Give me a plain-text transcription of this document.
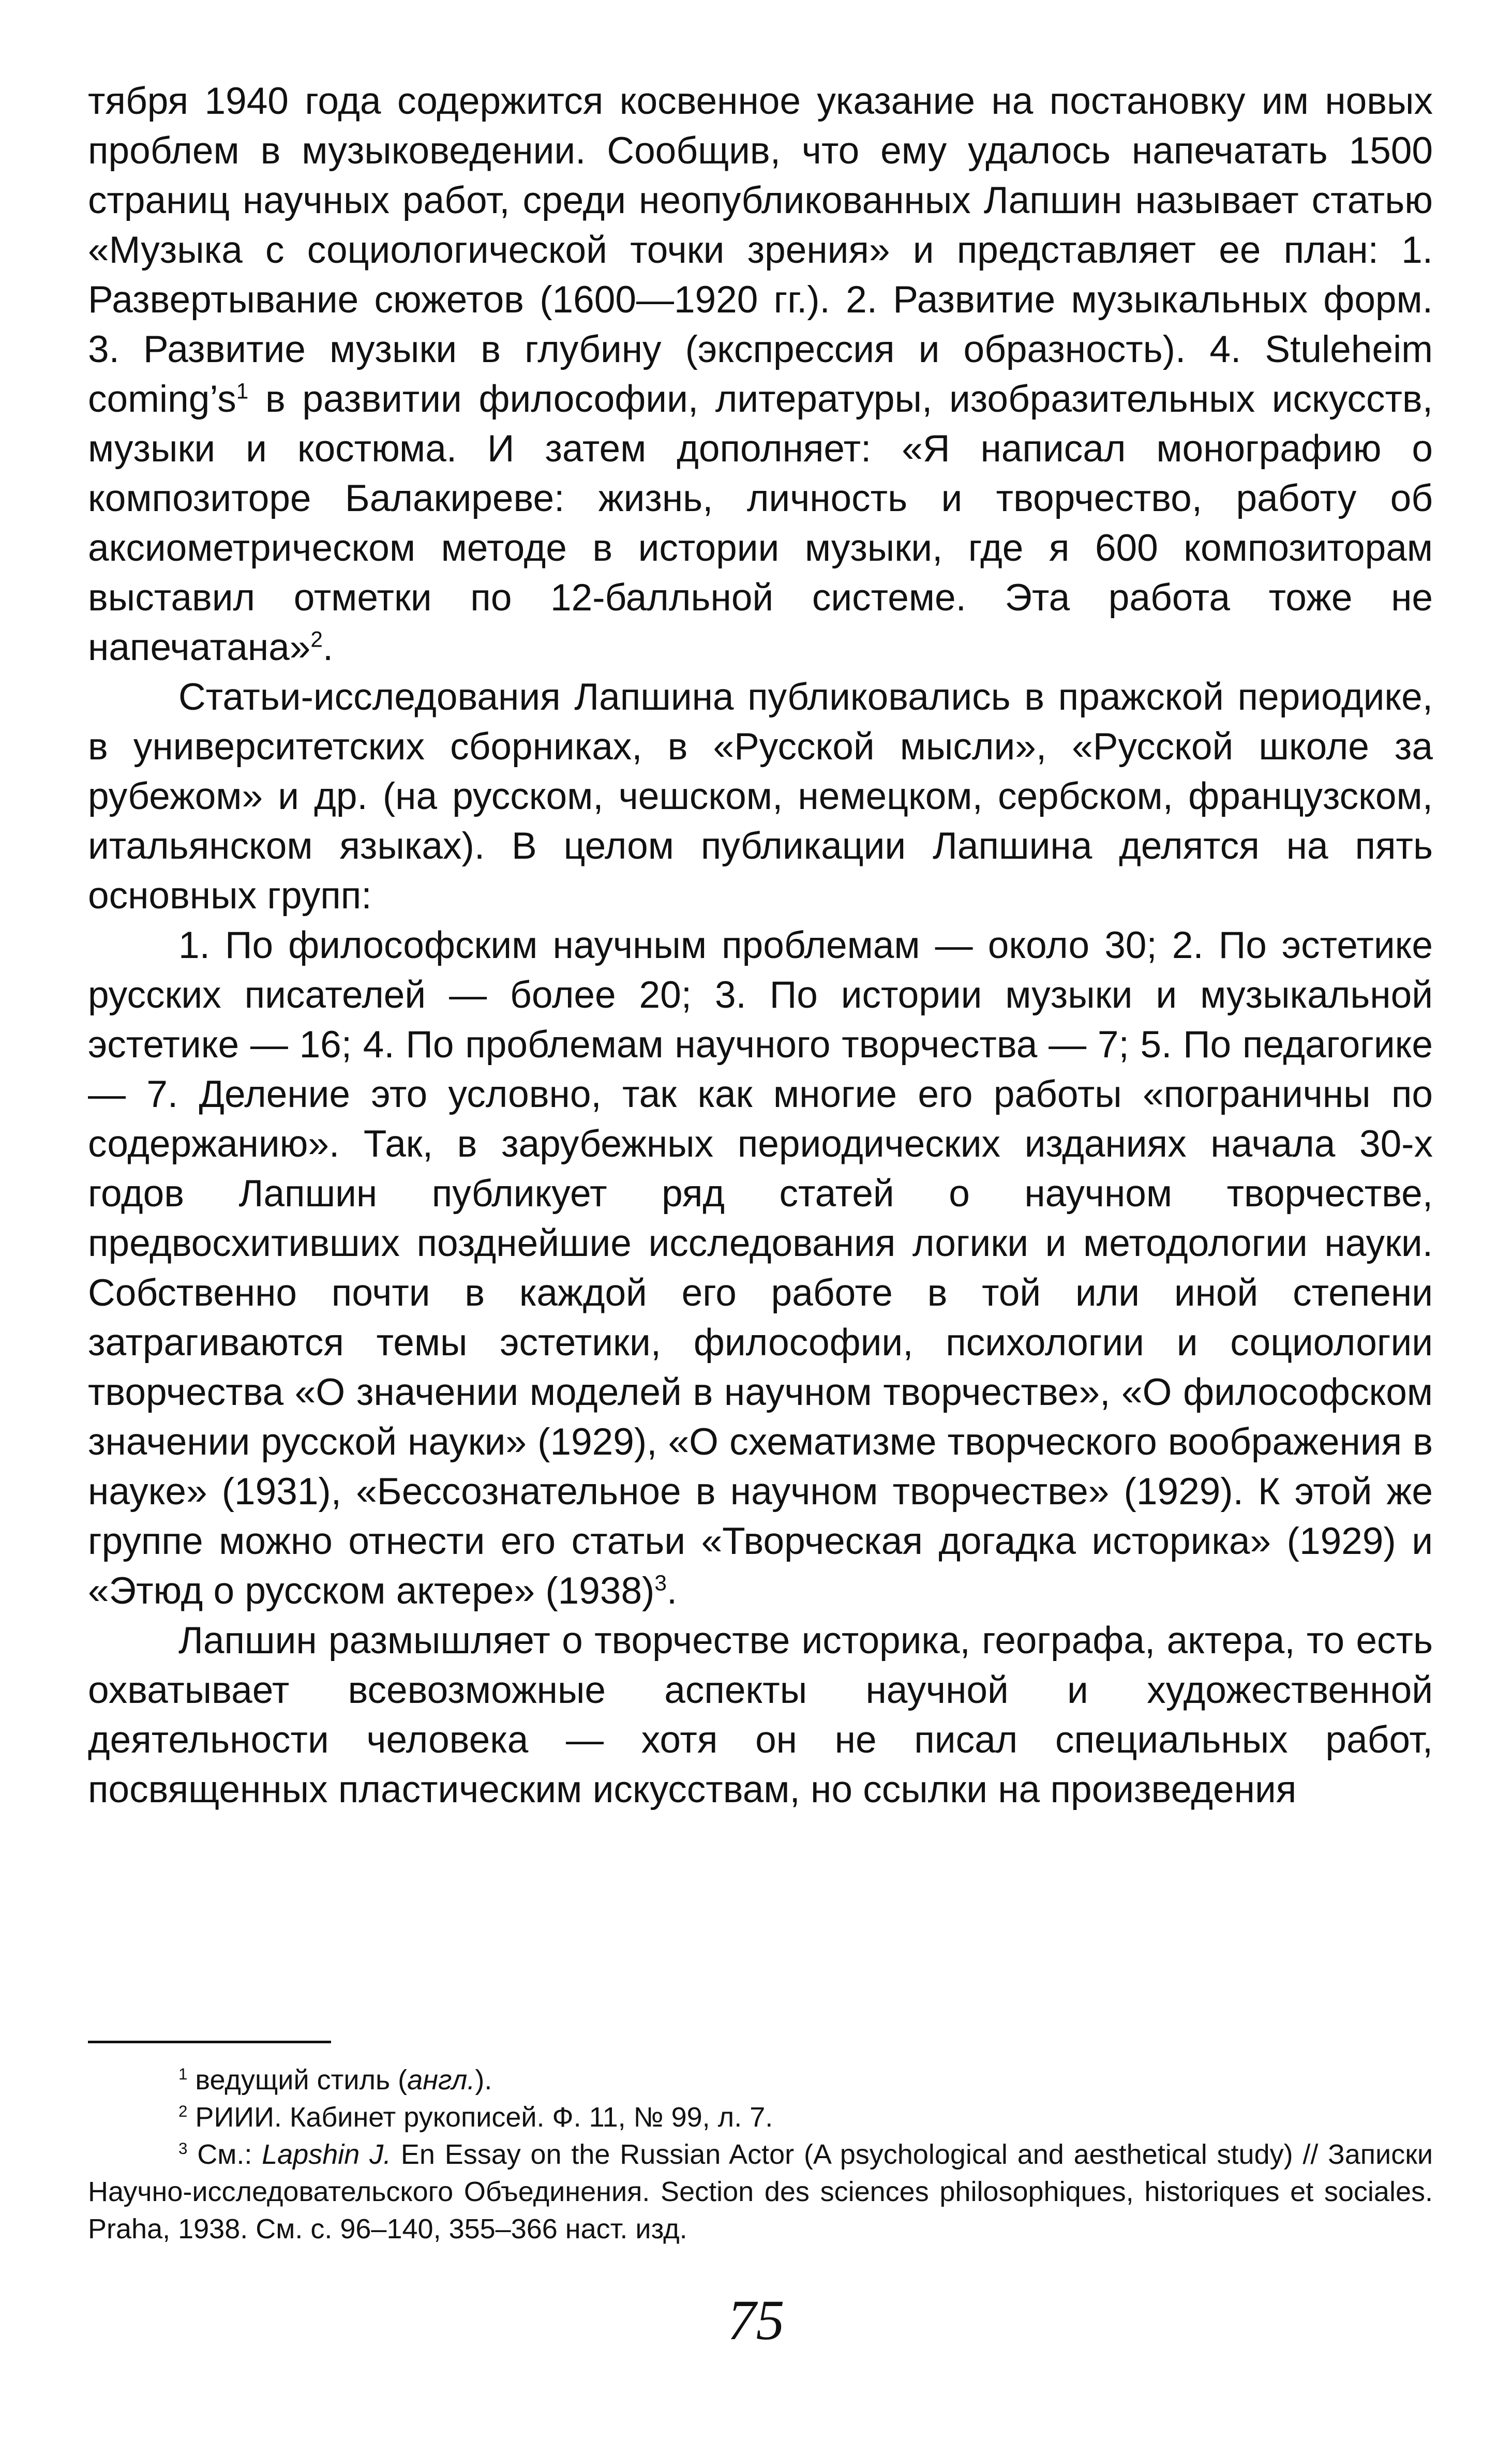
тября 1940 года содержится косвенное указание на постановку им новых проблем в музыковедении. Сообщив, что ему удалось напечатать 1500 страниц научных работ, среди неопубликованных Лапшин называет статью «Музыка с социологической точки зрения» и представляет ее план: 1. Развертывание сюжетов (1600—1920 гг.). 2. Развитие музыкальных форм. 3. Развитие музыки в глубину (экспрессия и образность). 4. Stuleheim $coming’s^1$ в развитии философии, литературы, изобразительных искусств, музыки и костюма. И затем дополняет: «Я написал монографию о композиторе Балакиреве: жизнь, личность и творчество, работу об аксиометрическом методе в истории музыки, где я 600 композиторам выставил отметки по 12-балльной системе. Эта работа тоже не напечатана»$^2$.

Статьи-исследования Лапшина публиковались в пражской периодике, в университетских сборниках, в «Русской мысли», «Русской школе за рубежом» и др. (на русском, чешском, немецком, сербском, французском, итальянском языках). В целом публикации Лапшина делятся на пять основных групп:

1. По философским научным проблемам — около 30; 2. По эстетике русских писателей — более 20; 3. По истории музыки и музыкальной эстетике — 16; 4. По проблемам научного творчества — 7; 5. По педагогике — 7. Деление это условно, так как многие его работы «пограничны по содержанию». Так, в зарубежных периодических изданиях начала 30-х годов Лапшин публикует ряд статей о научном творчестве, предвосхитивших позднейшие исследования логики и методологии науки. Собственно почти в каждой его работе в той или иной степени затрагиваются темы эстетики, философии, психологии и социологии творчества «О значении моделей в научном творчестве», «О философском значении русской науки» (1929), «О схематизме творческого воображения в науке» (1931), «Бессознательное в научном творчестве» (1929). К этой же группе можно отнести его статьи «Творческая догадка историка» (1929) и «Этюд о русском актере» $(1938)^3$.

Лапшин размышляет о творчестве историка, географа, актера, то есть охватывает всевозможные аспекты научной и художественной деятельности человека — хотя он не писал специальных работ, посвященных пластическим искусствам, но ссылки на произведения

$^1$ ведущий стиль (англ.).

$^2$ РИИИ. Кабинет рукописей. Ф. 11, № 99, л. 7.

$^3$ См.: Lapshin J. En Essay on the Russian Actor (A psychological and aesthetical study) // Записки Научно-исследовательского Объединения. Section des sciences philosophiques, historiques et sociales. Praha, 1938. См. с. 96–140, 355–366 наст. изд.

75
